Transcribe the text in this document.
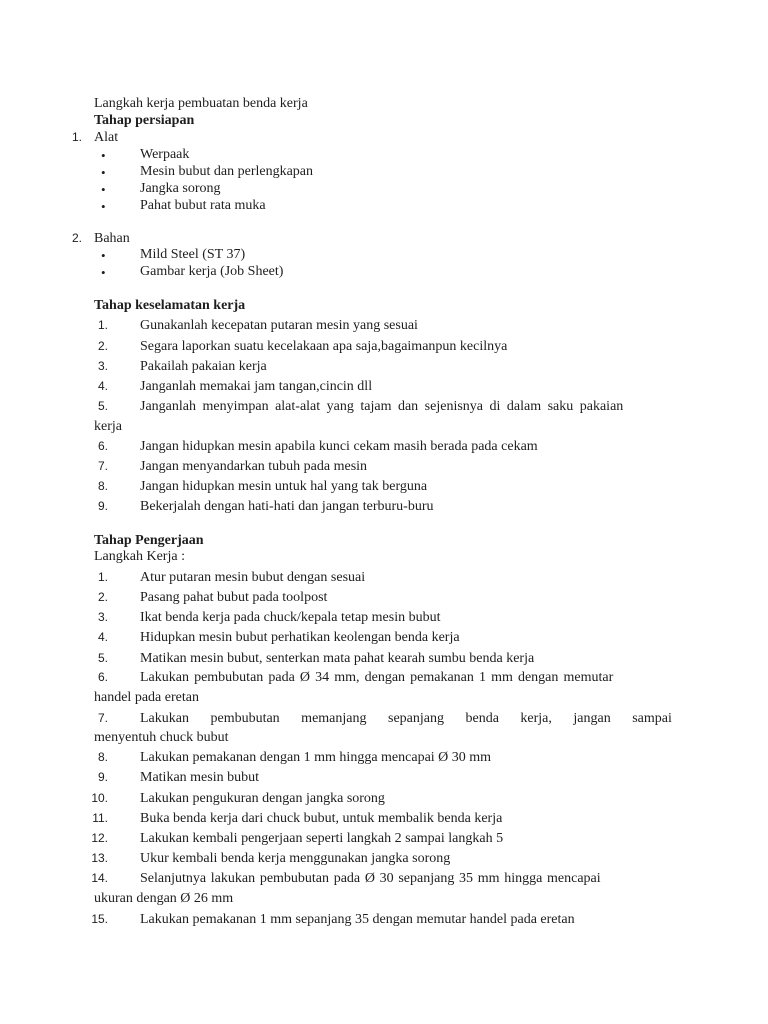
Langkah kerja pembuatan benda kerja
Tahap persiapan
1. Alat
• Werpaak
• Mesin bubut dan perlengkapan
• Jangka sorong
• Pahat bubut rata muka
2. Bahan
• Mild Steel (ST 37)
• Gambar kerja (Job Sheet)
Tahap keselamatan kerja
1. Gunakanlah kecepatan putaran mesin yang sesuai
2. Segara laporkan suatu kecelakaan apa saja,bagaimanpun kecilnya
3. Pakailah pakaian kerja
4. Janganlah memakai jam tangan,cincin dll
5. Janganlah menyimpan alat-alat yang tajam dan sejenisnya di dalam saku pakaian
kerja
6. Jangan hidupkan mesin apabila kunci cekam masih berada pada cekam
7. Jangan menyandarkan tubuh pada mesin
8. Jangan hidupkan mesin untuk hal yang tak berguna
9. Bekerjalah dengan hati-hati dan jangan terburu-buru
Tahap Pengerjaan
Langkah Kerja :
1. Atur putaran mesin bubut dengan sesuai
2. Pasang pahat bubut pada toolpost
3. Ikat benda kerja pada chuck/kepala tetap mesin bubut
4. Hidupkan mesin bubut perhatikan keolengan benda kerja
5. Matikan mesin bubut, senterkan mata pahat kearah sumbu benda kerja
6. Lakukan pembubutan pada Ø 34 mm, dengan pemakanan 1 mm dengan memutar
handel pada eretan
7. Lakukan pembubutan memanjang sepanjang benda kerja, jangan sampai
menyentuh chuck bubut
8. Lakukan pemakanan dengan 1 mm hingga mencapai Ø 30 mm
9. Matikan mesin bubut
10. Lakukan pengukuran dengan jangka sorong
11. Buka benda kerja dari chuck bubut, untuk membalik benda kerja
12. Lakukan kembali pengerjaan seperti langkah 2 sampai langkah 5
13. Ukur kembali benda kerja menggunakan jangka sorong
14. Selanjutnya lakukan pembubutan pada Ø 30 sepanjang 35 mm hingga mencapai
ukuran dengan Ø 26 mm
15. Lakukan pemakanan 1 mm sepanjang 35 dengan memutar handel pada eretan
